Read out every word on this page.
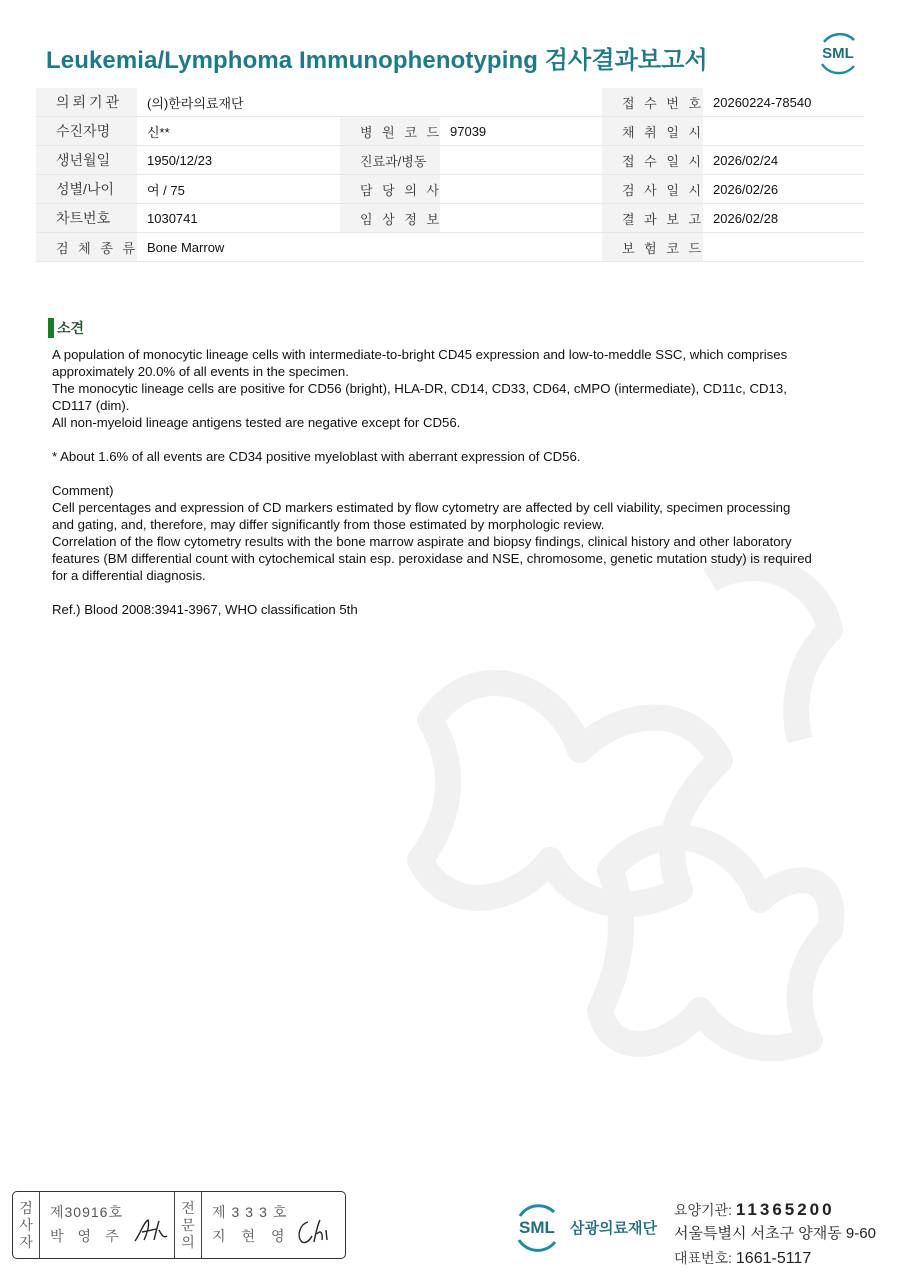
Leukemia/Lymphoma Immunophenotyping 검사결과보고서	SML
의뢰기관	(의)한라의료재단			접 수 번 호	20260224-78540
수진자명	신**	병 원 코 드	97039	채 취 일 시	
생년월일	1950/12/23	진료과/병동		접 수 일 시	2026/02/24
성별/나이	여 / 75	담 당 의 사		검 사 일 시	2026/02/26
차트번호	1030741	임 상 정 보		결 과 보 고	2026/02/28
검 체 종 류	Bone Marrow			보 험 코 드	
소견

A population of monocytic lineage cells with intermediate-to-bright CD45 expression and low-to-meddle SSC, which comprises approximately 20.0% of all events in the specimen.

The monocytic lineage cells are positive for CD56 (bright), HLA-DR, CD14, CD33, CD64, cMPO (intermediate), CD11c, CD13, CD117 (dim).

All non-myeloid lineage antigens tested are negative except for CD56.

* About 1.6% of all events are CD34 positive myeloblast with aberrant expression of CD56.

Comment)

Cell percentages and expression of CD markers estimated by flow cytometry are affected by cell viability, specimen processing and gating, and, therefore, may differ significantly from those estimated by morphologic review.

Correlation of the flow cytometry results with the bone marrow aspirate and biopsy findings, clinical history and other laboratory features (BM differential count with cytochemical stain esp. peroxidase and NSE, chromosome, genetic mutation study) is required for a differential diagnosis.

Ref.) Blood 2008:3941-3967, WHO classification 5th

검
사
자
제30916호
박영주
전
문
의
제333호
지현영	SML 삼광의료재단
요양기관: 11365200
서울특별시 서초구 양재동 9-60
대표번호: 1661-5117
